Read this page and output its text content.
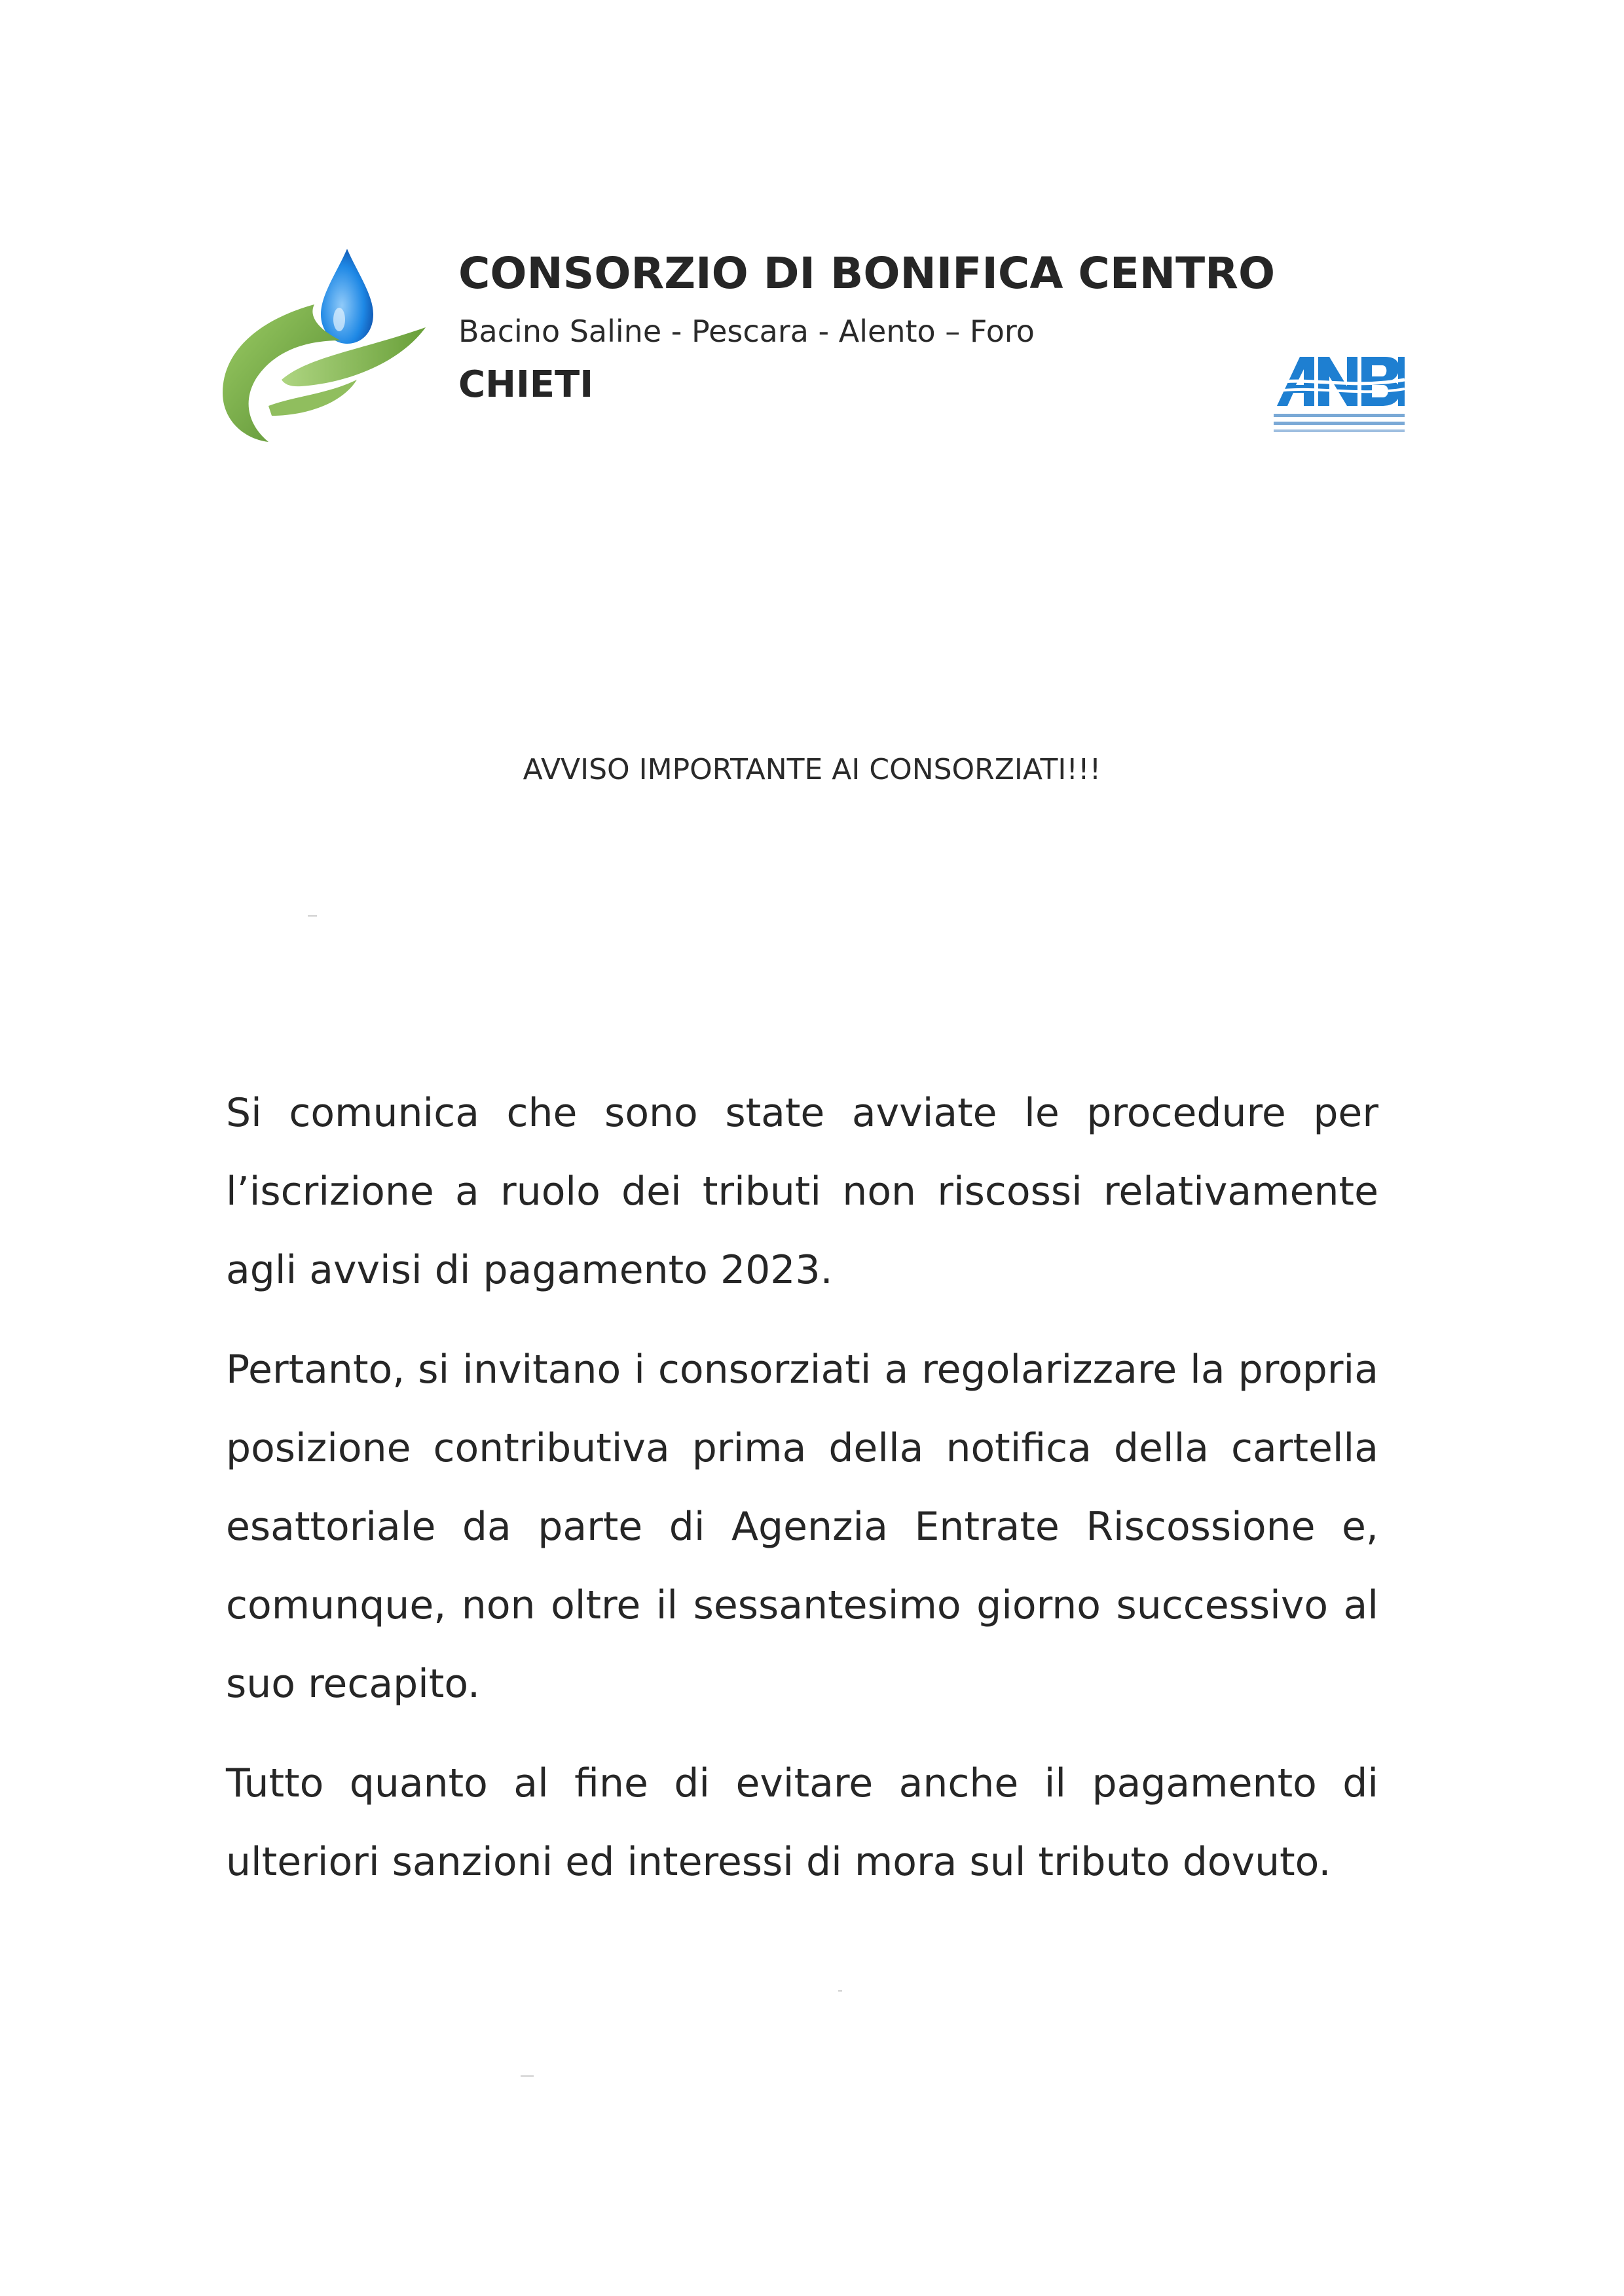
CONSORZIO DI BONIFICA CENTRO
Bacino Saline - Pescara - Alento – Foro
CHIETI
AVVISO IMPORTANTE AI CONSORZIATI!!!

Si comunica che sono state avviate le procedure per l’iscrizione a ruolo dei tributi non riscossi relativamente agli avvisi di pagamento 2023.

Pertanto, si invitano i consorziati a regolarizzare la propria posizione contributiva prima della notifica della cartella esattoriale da parte di Agenzia Entrate Riscossione e, comunque, non oltre il sessantesimo giorno successivo al suo recapito.

Tutto quanto al fine di evitare anche il pagamento di ulteriori sanzioni ed interessi di mora sul tributo dovuto.
